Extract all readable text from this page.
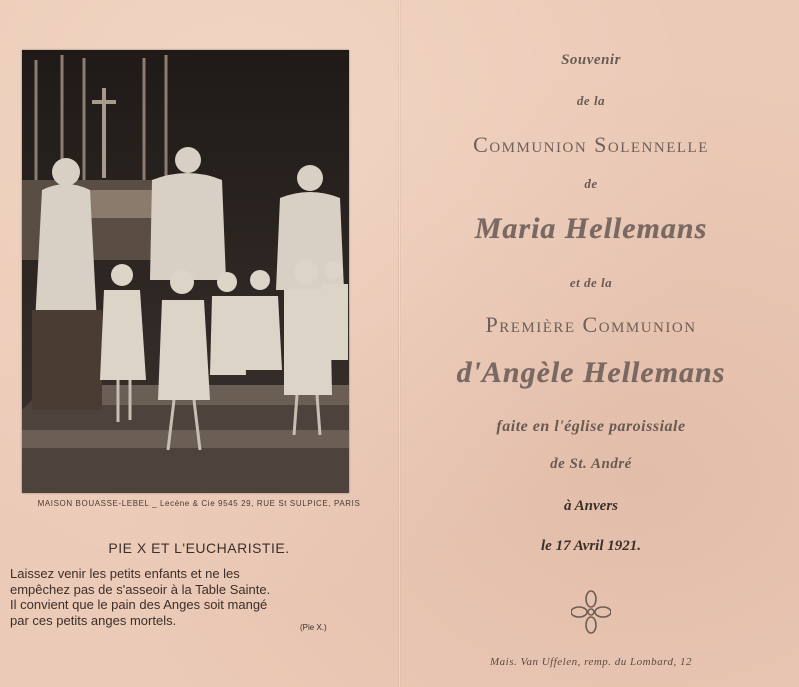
MAISON BOUASSE-LEBEL _ Lecène & Cie 9545 29, RUE St SULPICE, PARIS
PIE X ET L'EUCHARISTIE.
Laissez venir les petits enfants et ne les
empêchez pas de s'asseoir à la Table Sainte.
Il convient que le pain des Anges soit mangé
par ces petits anges mortels.	(Pie X.)
Souvenir
de la
Communion Solennelle
de
Maria Hellemans
et de la
Première Communion
d'Angèle Hellemans
faite en l'église paroissiale
de St. André
à Anvers
le 17 Avril 1921.
Mais. Van Uffelen, remp. du Lombard, 12
